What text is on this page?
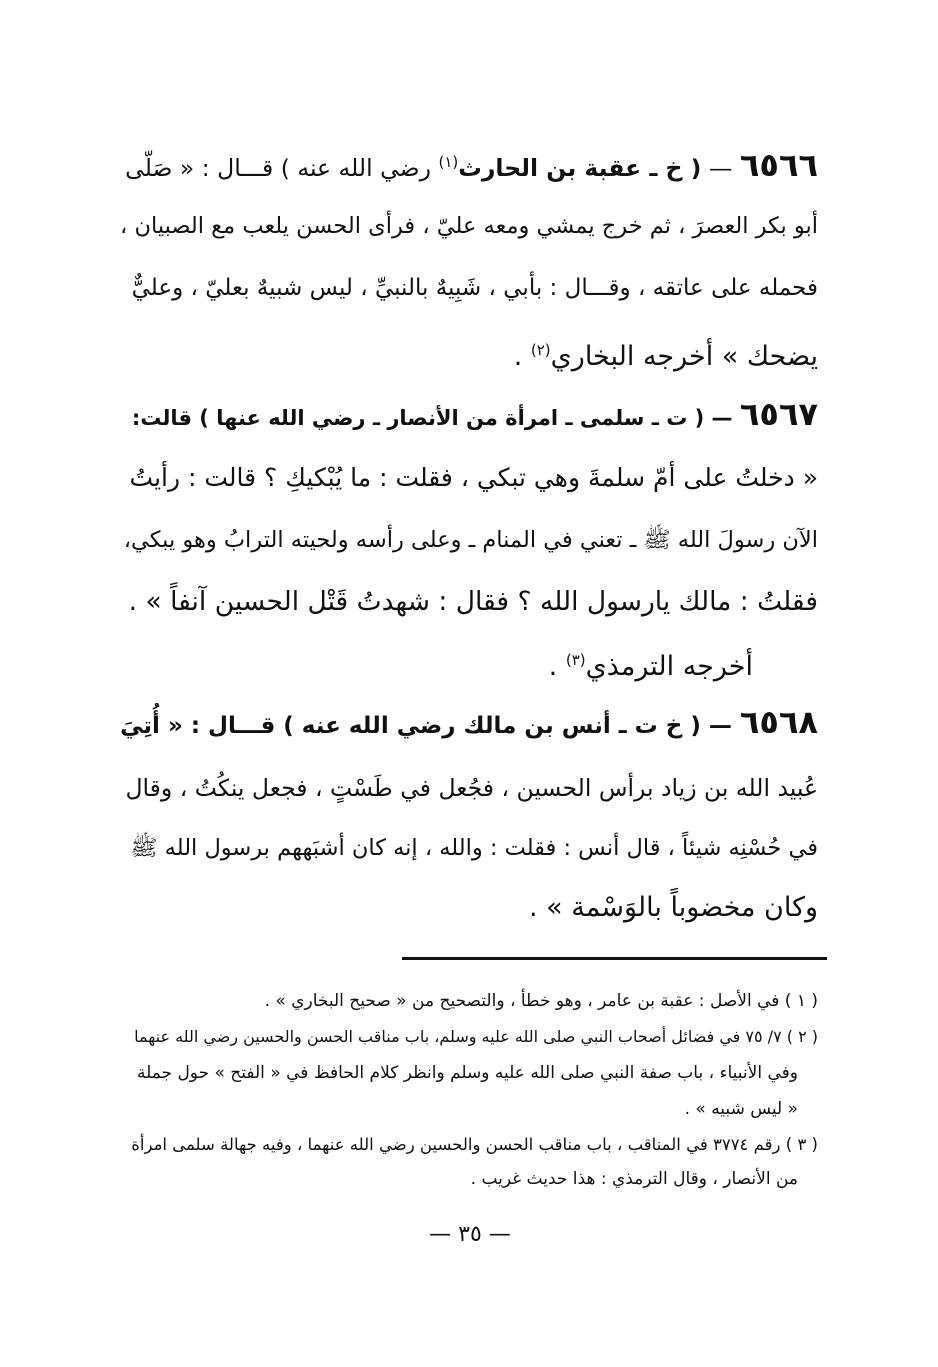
٦٥٦٦ — ( خ ـ عقبة بن الحارث$^{(١)}$ رضي الله عنه ) قـــال : « صَلّى
أبو بكر العصرَ ، ثم خرج يمشي ومعه عليّ ، فرأى الحسن يلعب مع الصبيان ،
فحمله على عاتقه ، وقـــال : بأبي ، شَبِيهٌ بالنبيِّ ، ليس شبيهٌ بعليّ ، وعليٌّ
يضحك » أخرجه البخاري$^{(٢)}$ .
٦٥٦٧ — ( ت ـ سلمى ـ امرأة من الأنصار ـ رضي الله عنها ) قالت:
« دخلتُ على أمّ سلمةَ وهي تبكي ، فقلت : ما يُبْكيكِ ؟ قالت : رأيتُ
الآن رسولَ الله ﷺ ـ تعني في المنام ـ وعلى رأسه ولحيته الترابُ وهو يبكي،
فقلتُ : مالك يارسول الله ؟ فقال : شهدتُ قَتْل الحسين آنفاً » .
أخرجه الترمذي$^{(٣)}$ .
٦٥٦٨ — ( خ ت ـ أنس بن مالك رضي الله عنه ) قـــال : « أُتِيَ
عُبيد الله بن زياد برأس الحسين ، فجُعل في طَسْتٍ ، فجعل ينكُتُ ، وقال
في حُسْنِه شيئاً ، قال أنس : فقلت : والله ، إنه كان أشبَههم برسول الله ﷺ
وكان مخضوباً بالوَسْمة » .
( ١ ) في الأصل : عقبة بن عامر ، وهو خطأ ، والتصحيح من « صحيح البخاري » .
( ٢ ) ٧/ ٧٥ في فضائل أصحاب النبي صلى الله عليه وسلم، باب مناقب الحسن والحسين رضي الله عنهما
وفي الأنبياء ، باب صفة النبي صلى الله عليه وسلم وانظر كلام الحافظ في « الفتح » حول جملة
« ليس شبيه » .
( ٣ ) رقم ٣٧٧٤ في المناقب ، باب مناقب الحسن والحسين رضي الله عنهما ، وفيه جهالة سلمى امرأة
من الأنصار ، وقال الترمذي : هذا حديث غريب .
— ٣٥ —
